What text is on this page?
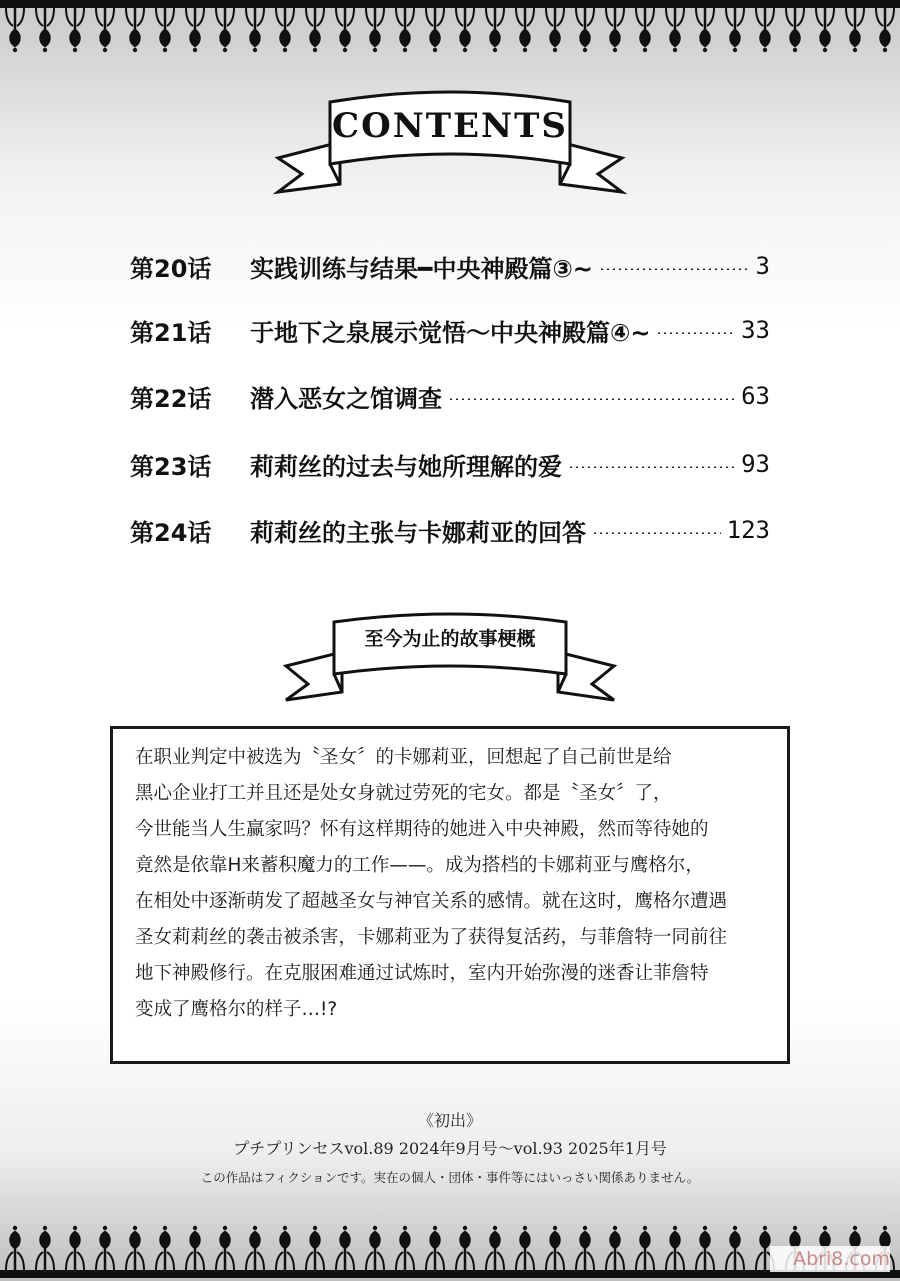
CONTENTS
第20话	实践训练与结果━中央神殿篇③~	3
第21话	于地下之泉展示觉悟〜中央神殿篇④~	33
第22话	潜入恶女之馆调查	63
第23话	莉莉丝的过去与她所理解的爱	93
第24话	莉莉丝的主张与卡娜莉亚的回答	123
至今为止的故事梗概
在职业判定中被选为〝圣女〞的卡娜莉亚，回想起了自己前世是给
黑心企业打工并且还是处女身就过劳死的宅女。都是〝圣女〞了，
今世能当人生赢家吗？怀有这样期待的她进入中央神殿，然而等待她的
竟然是依靠H来蓄积魔力的工作——。成为搭档的卡娜莉亚与鹰格尔，
在相处中逐渐萌发了超越圣女与神官关系的感情。就在这时，鹰格尔遭遇
圣女莉莉丝的袭击被杀害，卡娜莉亚为了获得复活药，与菲詹特一同前往
地下神殿修行。在克服困难通过试炼时，室内开始弥漫的迷香让菲詹特
变成了鹰格尔的样子…!?
《初出》
プチプリンセスvol.89 2024年9月号〜vol.93 2025年1月号
この作品はフィクションです。実在の個人・団体・事件等にはいっさい関係ありません。
Abri8.com
